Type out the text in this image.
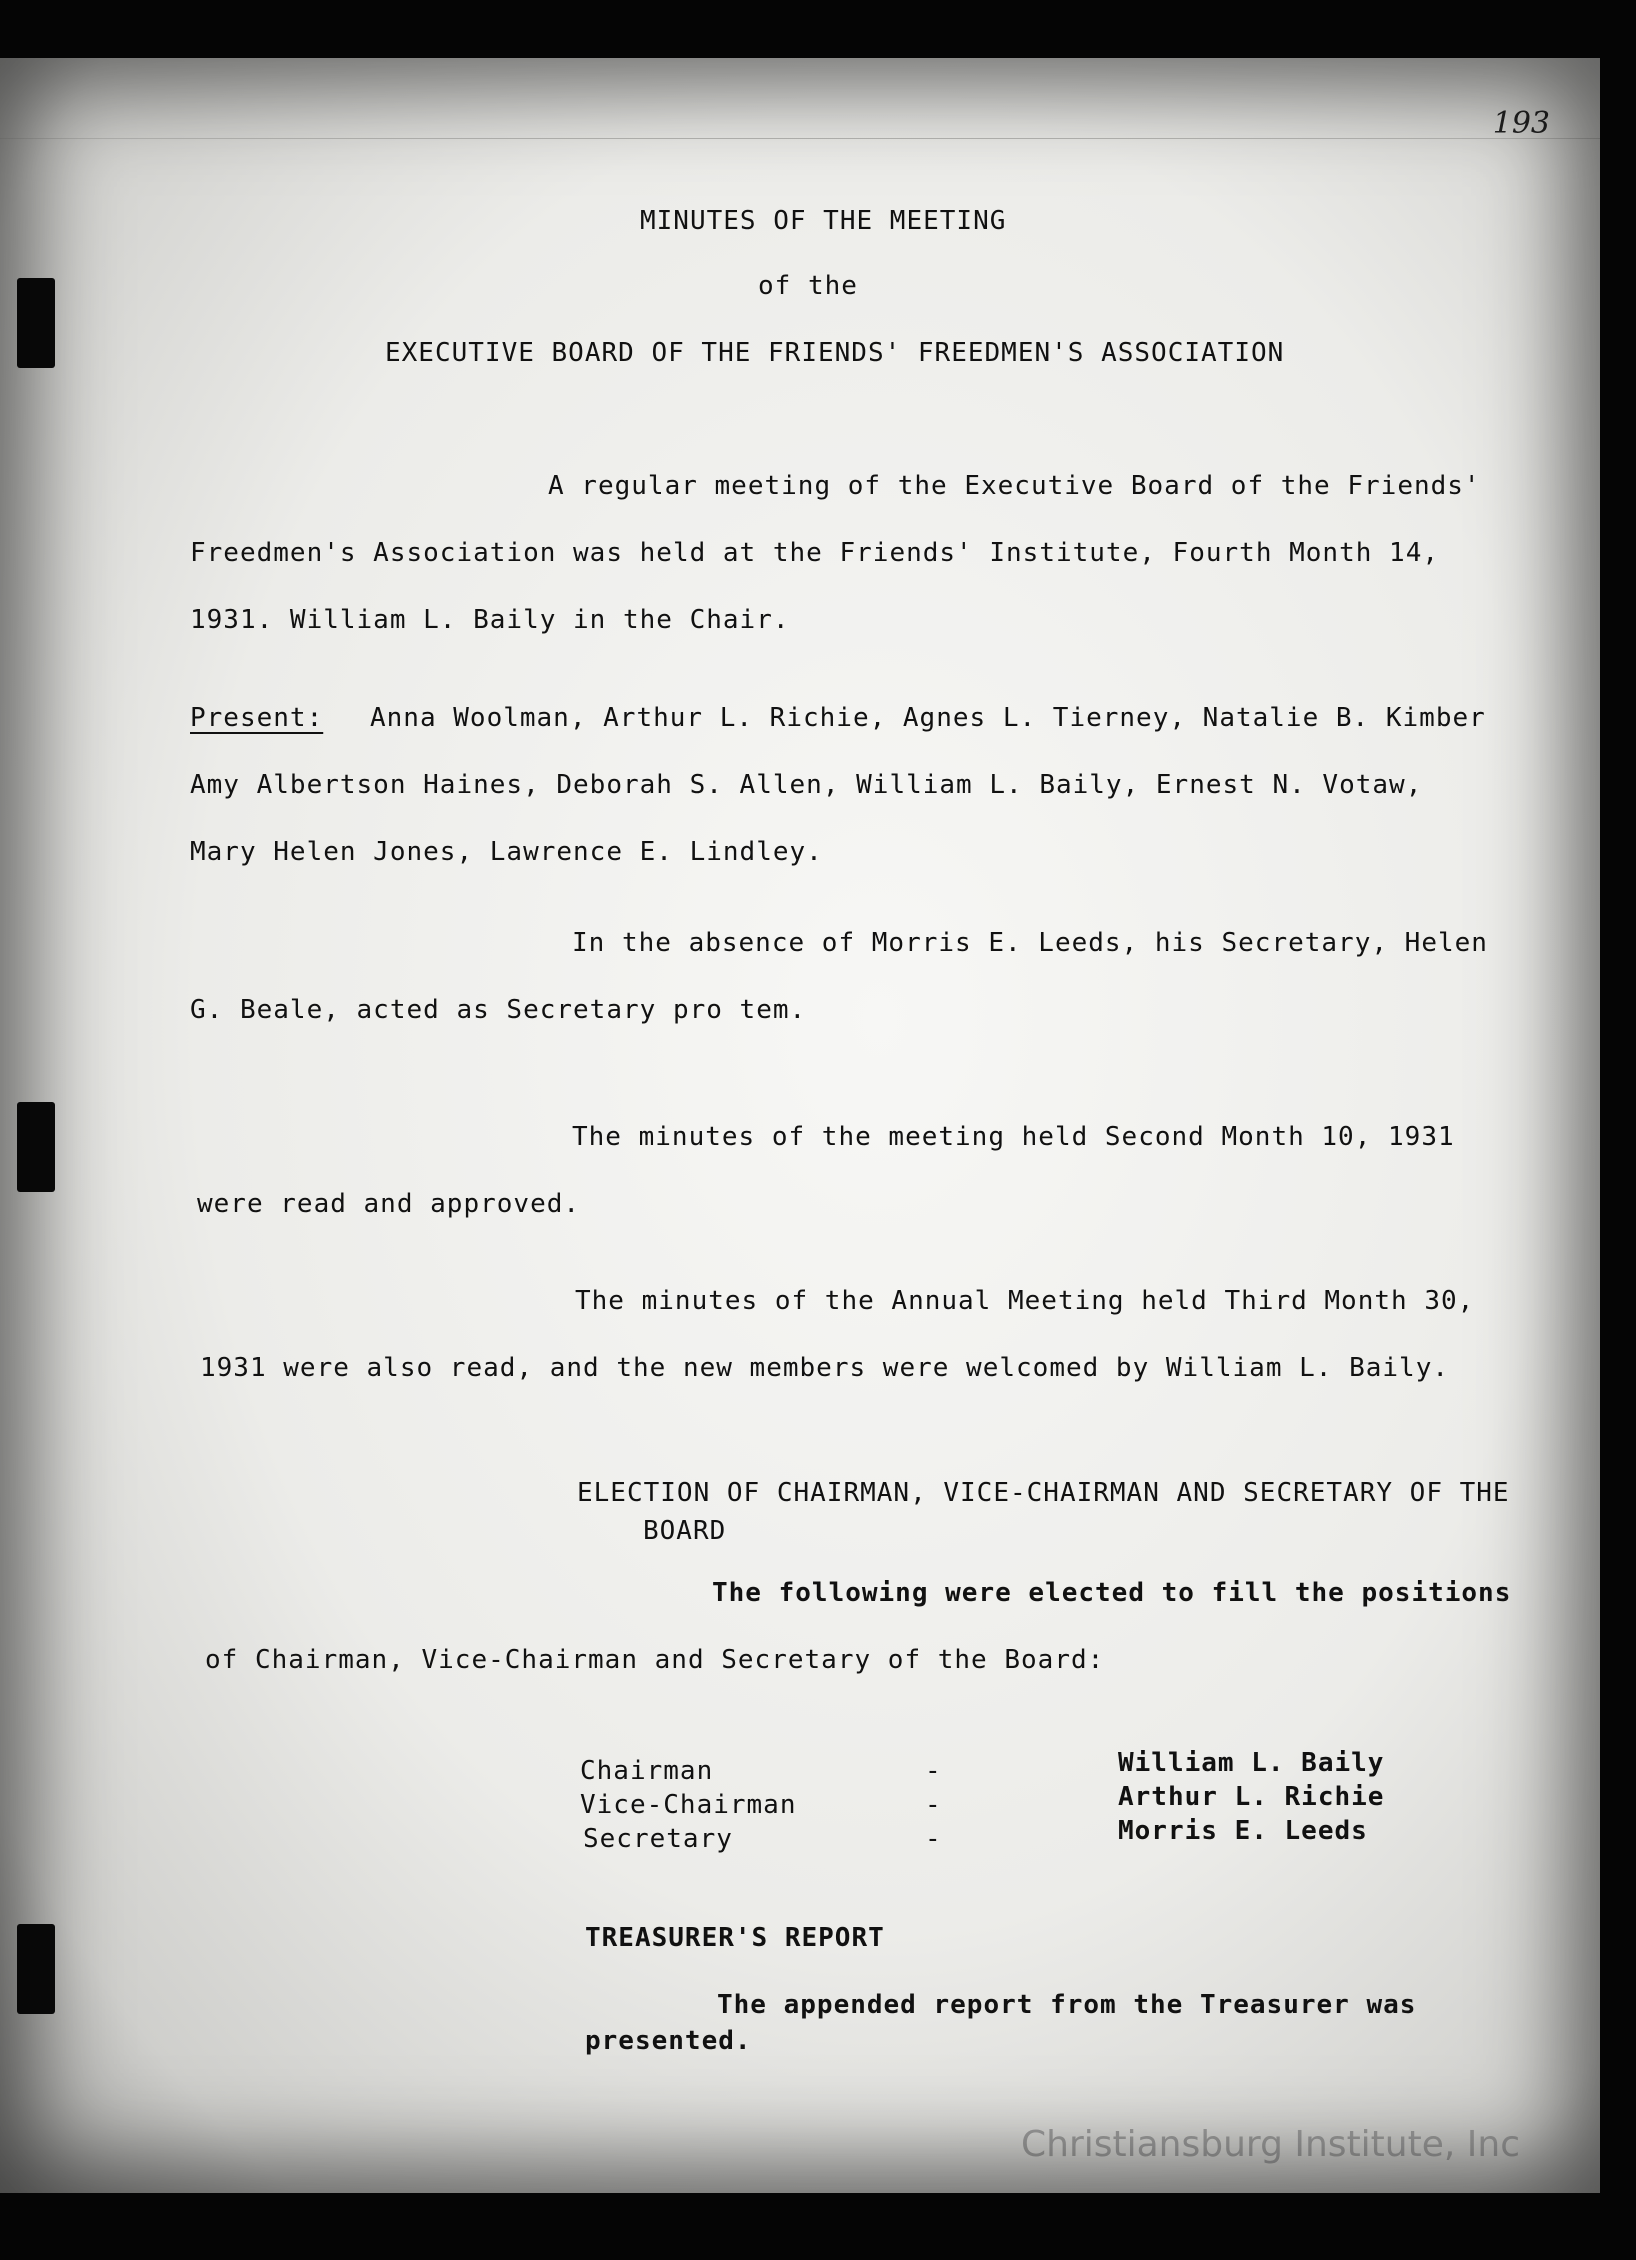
193
MINUTES OF THE MEETING
of the
EXECUTIVE BOARD OF THE FRIENDS' FREEDMEN'S ASSOCIATION
A regular meeting of the Executive Board of the Friends'
Freedmen's Association was held at the Friends' Institute, Fourth Month 14,
1931. William L. Baily in the Chair.
Present: Anna Woolman, Arthur L. Richie, Agnes L. Tierney, Natalie B. Kimber
Amy Albertson Haines, Deborah S. Allen, William L. Baily, Ernest N. Votaw,
Mary Helen Jones, Lawrence E. Lindley.
In the absence of Morris E. Leeds, his Secretary, Helen
G. Beale, acted as Secretary pro tem.
The minutes of the meeting held Second Month 10, 1931
were read and approved.
The minutes of the Annual Meeting held Third Month 30,
1931 were also read, and the new members were welcomed by William L. Baily.
ELECTION OF CHAIRMAN, VICE-CHAIRMAN AND SECRETARY OF THE
BOARD
The following were elected to fill the positions
of Chairman, Vice-Chairman and Secretary of the Board:
Chairman	-	William L. Baily
Vice-Chairman	-	Arthur L. Richie
Secretary	-	Morris E. Leeds
TREASURER'S REPORT
The appended report from the Treasurer was
presented.
Christiansburg Institute, Inc
